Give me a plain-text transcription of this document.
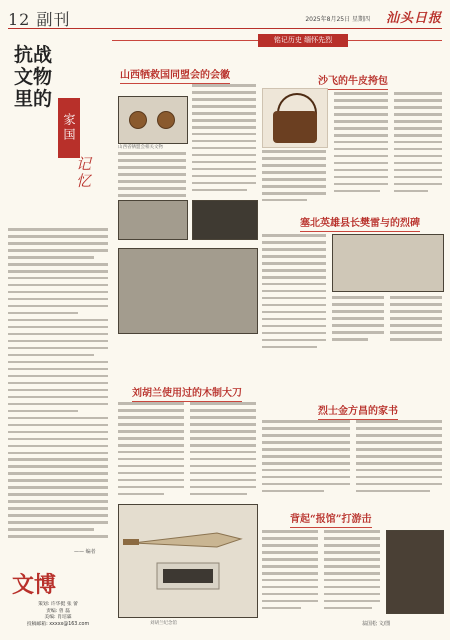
12 副刊	2025年8月25日 星期四 汕头日报
铭记历史 缅怀先烈
抗战文物里的
家国
记忆
—— 编者
文博
策划: 许华挺 张 蕾
责编: 曾 磊
美编: 肖培霖
投稿邮箱: xxxxx@163.com
山西牺救国同盟会的会徽
山西省牺盟会相关文物
沙飞的牛皮挎包
塞北英雄县长樊雷与的烈碑
刘胡兰使用过的木制大刀
刘胡兰纪念馆
烈士金方昌的家书
背起“报馆”打游击
翁国松 文/图
